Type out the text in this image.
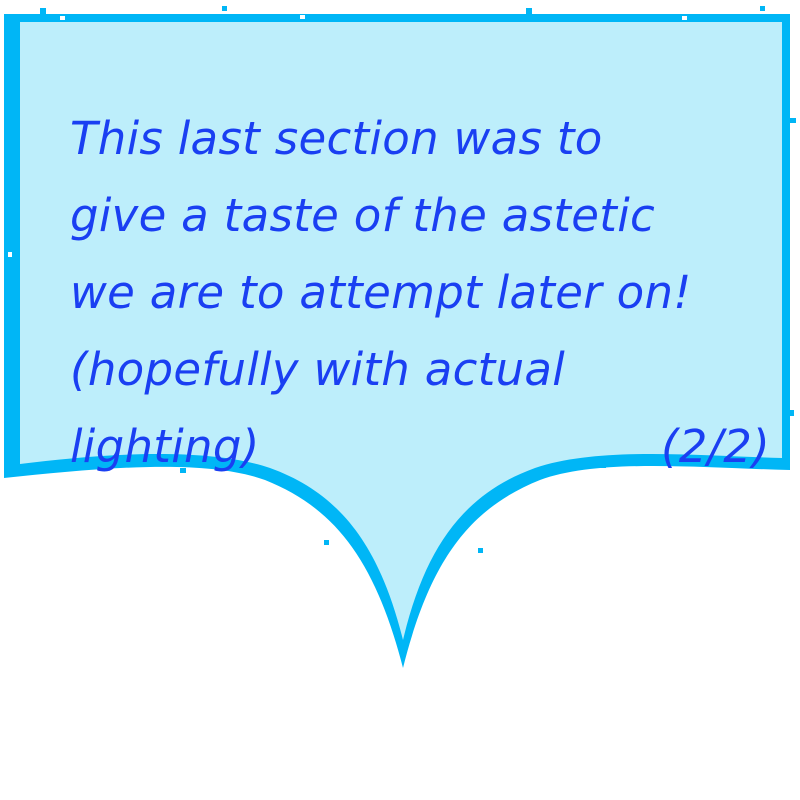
This last section was to
give a taste of the astetic
we are to attempt later on!
(hopefully with actual
lighting)	(2/2)
